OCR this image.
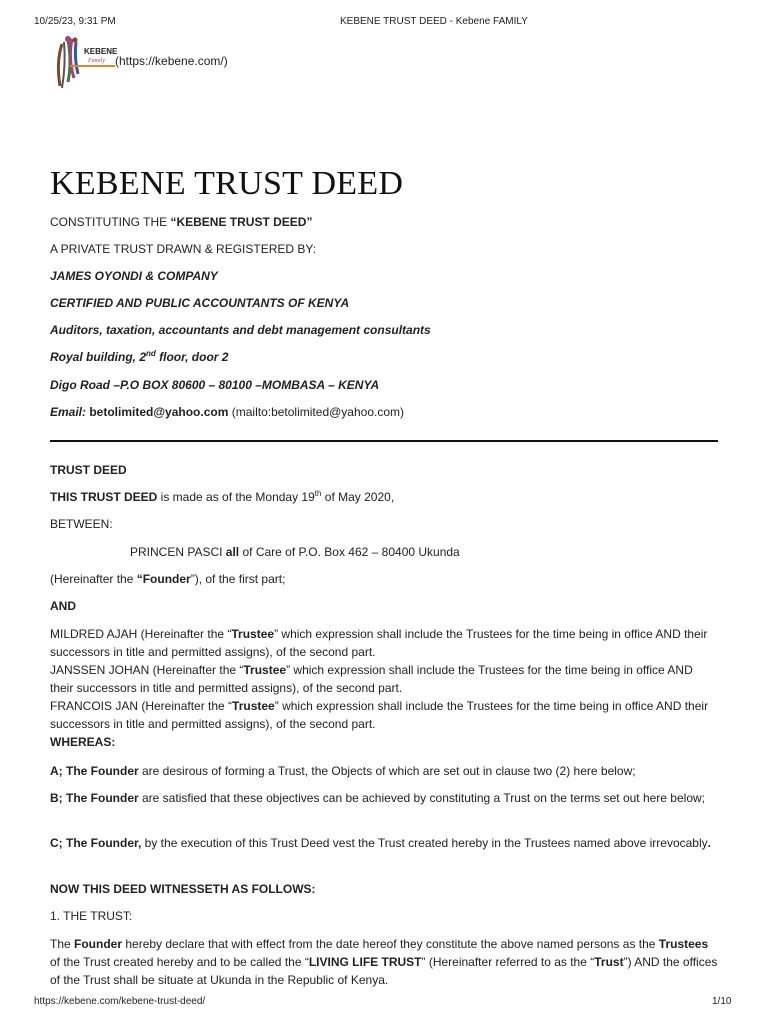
10/25/23, 9:31 PM	KEBENE TRUST DEED - Kebene FAMILY
KEBENE
Family (https://kebene.com/)
KEBENE TRUST DEED

CONSTITUTING THE “KEBENE TRUST DEED”

A PRIVATE TRUST DRAWN & REGISTERED BY:

JAMES OYONDI & COMPANY

CERTIFIED AND PUBLIC ACCOUNTANTS OF KENYA

Auditors, taxation, accountants and debt management consultants

Royal building, 2nd floor, door 2

Digo Road –P.O BOX 80600 – 80100 –MOMBASA – KENYA

Email: betolimited@yahoo.com (mailto:betolimited@yahoo.com)

TRUST DEED

THIS TRUST DEED is made as of the Monday 19th of May 2020,

BETWEEN:

PRINCEN PASCI all of Care of P.O. Box 462 – 80400 Ukunda

(Hereinafter the “Founder”), of the first part;

AND

MILDRED AJAH (Hereinafter the “Trustee” which expression shall include the Trustees for the time being in office AND their successors in title and permitted assigns), of the second part.

JANSSEN JOHAN (Hereinafter the “Trustee” which expression shall include the Trustees for the time being in office AND their successors in title and permitted assigns), of the second part.

FRANCOIS JAN (Hereinafter the “Trustee” which expression shall include the Trustees for the time being in office AND their successors in title and permitted assigns), of the second part.

WHEREAS:

A; The Founder are desirous of forming a Trust, the Objects of which are set out in clause two (2) here below;

B; The Founder are satisfied that these objectives can be achieved by constituting a Trust on the terms set out here below;

C; The Founder, by the execution of this Trust Deed vest the Trust created hereby in the Trustees named above irrevocably.

NOW THIS DEED WITNESSETH AS FOLLOWS:

1. THE TRUST:

The Founder hereby declare that with effect from the date hereof they constitute the above named persons as the Trustees of the Trust created hereby and to be called the “LIVING LIFE TRUST” (Hereinafter referred to as the “Trust”) AND the offices of the Trust shall be situate at Ukunda in the Republic of Kenya.

https://kebene.com/kebene-trust-deed/	1/10
